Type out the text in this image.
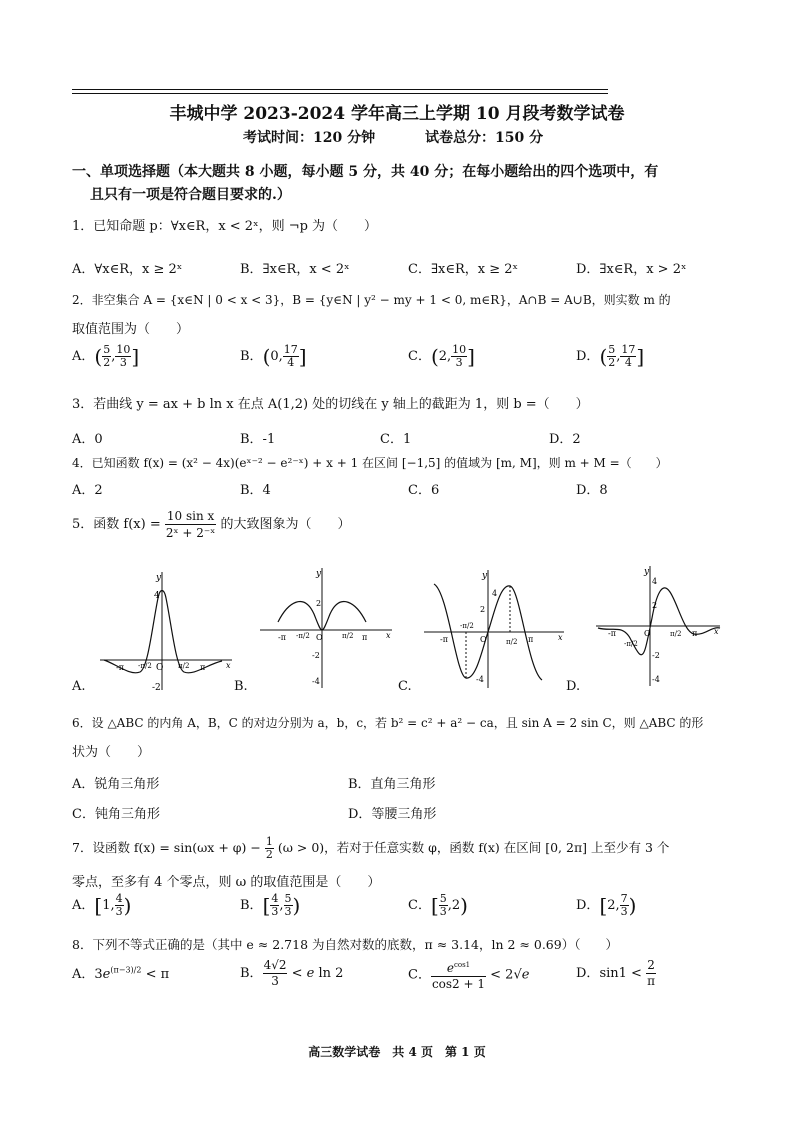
丰城中学 2023-2024 学年高三上学期 10 月段考数学试卷
考试时间：120 分钟	试卷总分：150 分
一、单项选择题（本大题共 8 小题，每小题 5 分，共 40 分；在每小题给出的四个选项中，有
且只有一项是符合题目要求的.）
1．已知命题 p：∀x∈R，x < 2ˣ，则 ¬p 为（　　）
A．∀x∈R，x ≥ 2ˣ	B．∃x∈R，x < 2ˣ	C．∃x∈R，x ≥ 2ˣ	D．∃x∈R，x > 2ˣ
2．非空集合 A = {x∈N | 0 < x < 3}，B = {y∈N | y² − my + 1 < 0, m∈R}，A∩B = A∪B，则实数 m 的
取值范围为（　　）
A．( $\frac{5}{2}$ , $\frac{10}{3}$ ]	B．(0, $\frac{17}{4}$ ]	C．(2, $\frac{10}{3}$ ]	D．( $\frac{5}{2}$ , $\frac{17}{4}$ ]
3．若曲线 y = ax + b ln x 在点 A(1,2) 处的切线在 y 轴上的截距为 1，则 b =（　　）
A．0	B．-1	C．1	D．2
4．已知函数 f(x) = (x² − 4x)(eˣ⁻² − e²⁻ˣ) + x + 1 在区间 [−1,5] 的值域为 [m, M]，则 m + M =（　　）
A．2	B．4	C．6	D．8
5．函数 $f(x) = \frac{\text{10 sin x}}{\text{2ˣ + 2⁻ˣ}}$ 的大致图象为（　　）
y
4
-2
O
-π -π/2	π/2 π	x
A.
y
2
-2
-4
O
-π -π/2	π/2 π x
B.
y
2
4
-4
O
-π
-π/2
π/2 π	x
C.
y
4
2
-2
-4
O
-π
-π/2
π/2 π x
D.
6．设 △ABC 的内角 A，B，C 的对边分别为 a，b，c，若 b² = c² + a² − ca，且 sin A = 2 sin C，则 △ABC 的形
状为（　　）
A．锐角三角形	B．直角三角形
C．钝角三角形	D．等腰三角形
7．设函数 $f(x) = \sin(\omega x + \varphi) - \frac{1}{2} (\omega > 0)$，若对于任意实数 φ，函数 f(x) 在区间 [0, 2π] 上至少有 3 个
零点，至多有 4 个零点，则 ω 的取值范围是（　　）
A．[1, $\frac{4}{3}$ )	B．[ $\frac{4}{3}$ , $\frac{5}{3}$ )	C．[ $\frac{5}{3} ,2$)	D．[2, $\frac{7}{3}$ )
8．下列不等式正确的是（其中 e ≈ 2.718 为自然对数的底数，π ≈ 3.14，ln 2 ≈ 0.69）（　　）
A．$3e^{(\pi-3)/2} < \pi$	B． $\frac{4√2}{3} < e$ ln 2	C． $\frac{e^{cos1}}{\cos 2 + 1} < 2√e$	D．$\sin 1 < \frac{2}{\pi}$
高三数学试卷　共 4 页　第 1 页
